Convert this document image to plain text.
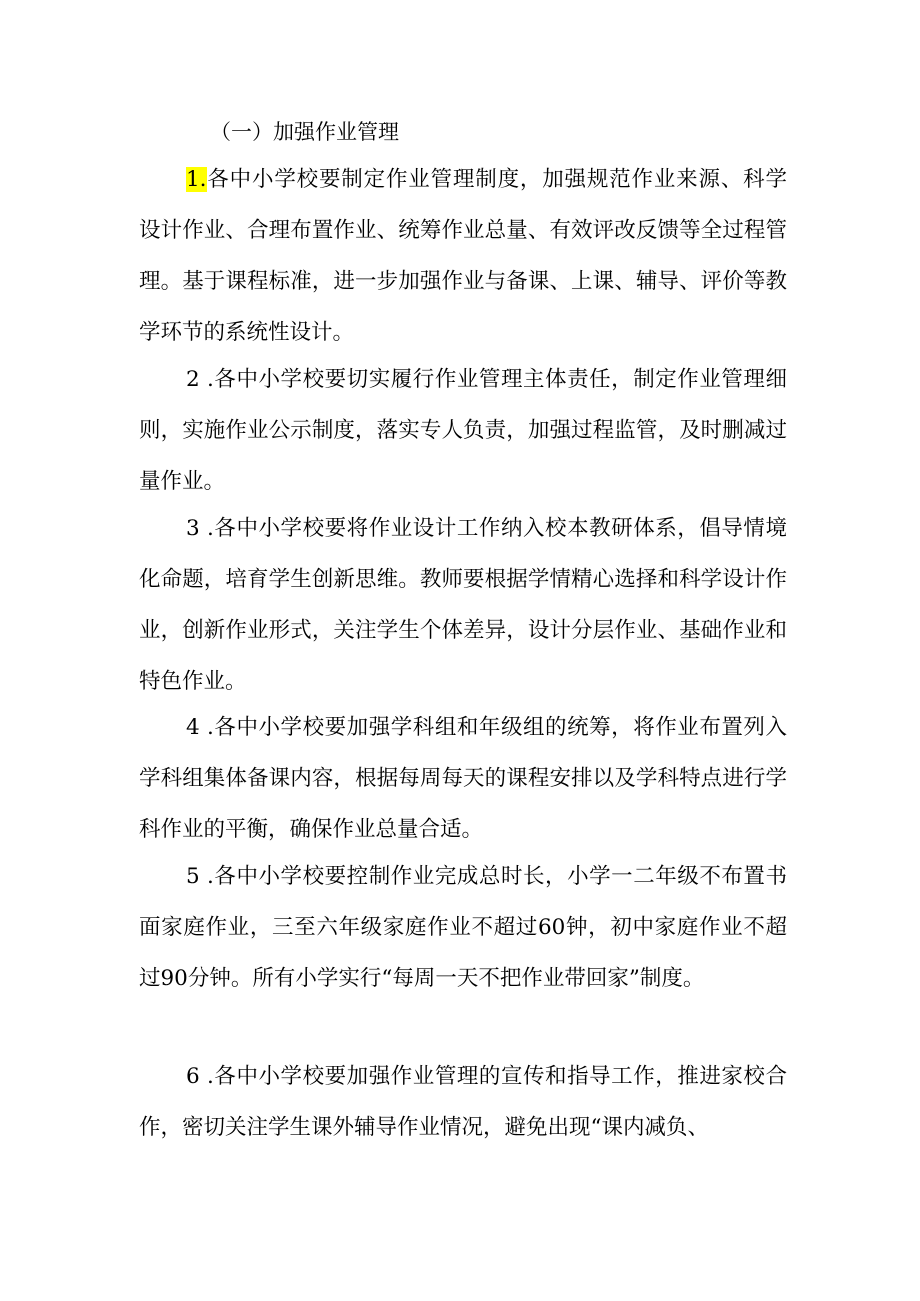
（一）加强作业管理

1.各中小学校要制定作业管理制度，加强规范作业来源、科学设计作业、合理布置作业、统筹作业总量、有效评改反馈等全过程管理。基于课程标准，进一步加强作业与备课、上课、辅导、评价等教学环节的系统性设计。

2 .各中小学校要切实履行作业管理主体责任，制定作业管理细则，实施作业公示制度，落实专人负责，加强过程监管，及时删减过量作业。

3 .各中小学校要将作业设计工作纳入校本教研体系，倡导情境化命题，培育学生创新思维。教师要根据学情精心选择和科学设计作业，创新作业形式，关注学生个体差异，设计分层作业、基础作业和特色作业。

4 .各中小学校要加强学科组和年级组的统筹，将作业布置列入学科组集体备课内容，根据每周每天的课程安排以及学科特点进行学科作业的平衡，确保作业总量合适。

5 .各中小学校要控制作业完成总时长，小学一二年级不布置书面家庭作业，三至六年级家庭作业不超过60钟，初中家庭作业不超过90分钟。所有小学实行“每周一天不把作业带回家”制度。

6 .各中小学校要加强作业管理的宣传和指导工作，推进家校合作，密切关注学生课外辅导作业情况，避免出现“课内减负、
